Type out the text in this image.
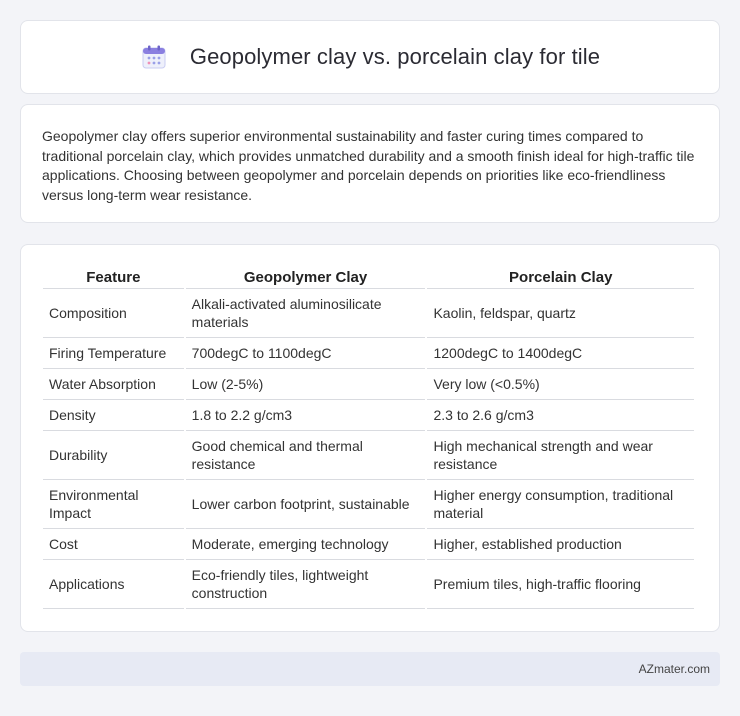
Geopolymer clay vs. porcelain clay for tile

Geopolymer clay offers superior environmental sustainability and faster curing times compared to traditional porcelain clay, which provides unmatched durability and a smooth finish ideal for high-traffic tile applications. Choosing between geopolymer and porcelain depends on priorities like eco-friendliness versus long-term wear resistance.

Feature	Geopolymer Clay	Porcelain Clay
Composition	Alkali-activated aluminosilicate materials	Kaolin, feldspar, quartz
Firing Temperature	700degC to 1100degC	1200degC to 1400degC
Water Absorption	Low (2-5%)	Very low (<0.5%)
Density	1.8 to 2.2 g/cm3	2.3 to 2.6 g/cm3
Durability	Good chemical and thermal resistance	High mechanical strength and wear resistance
Environmental Impact	Lower carbon footprint, sustainable	Higher energy consumption, traditional material
Cost	Moderate, emerging technology	Higher, established production
Applications	Eco-friendly tiles, lightweight construction	Premium tiles, high-traffic flooring
AZmater.com
